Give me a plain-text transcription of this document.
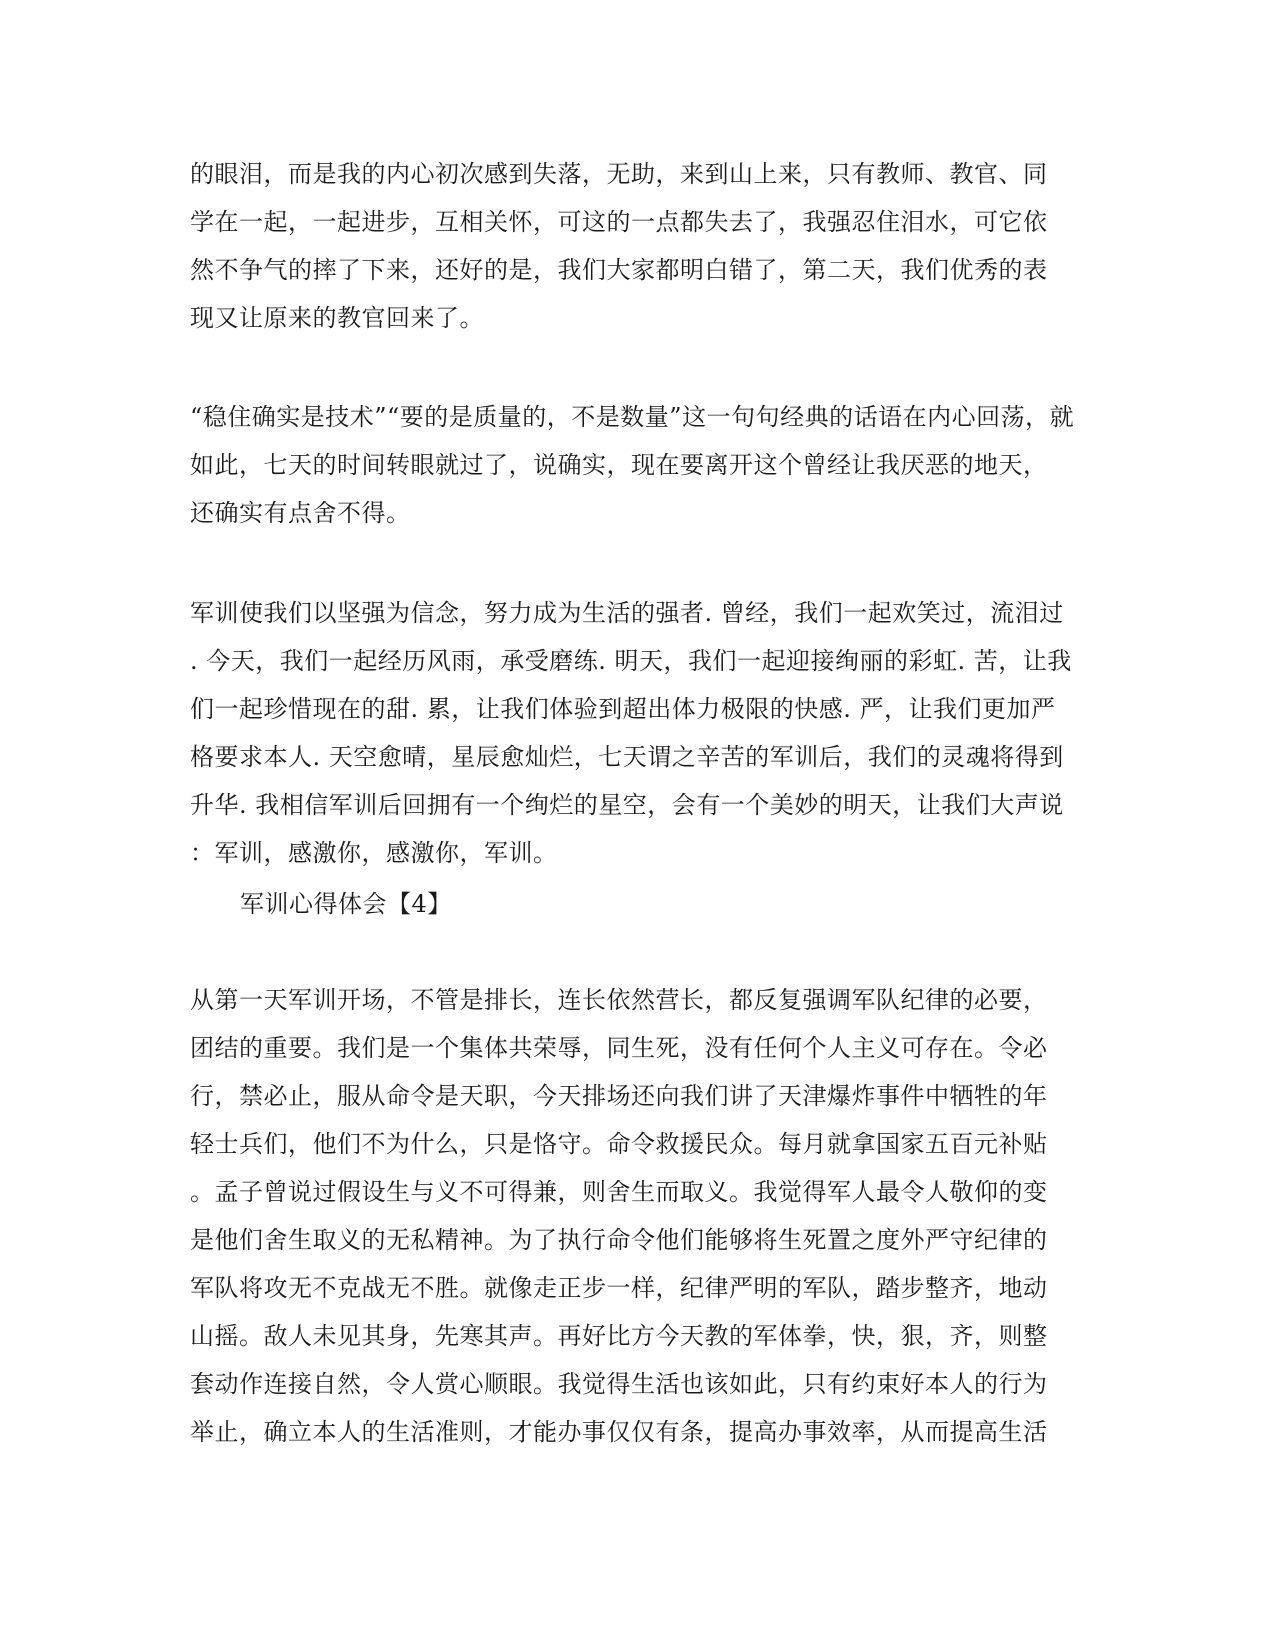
的眼泪，而是我的内心初次感到失落，无助，来到山上来，只有教师、教官、同
学在一起，一起进步，互相关怀，可这的一点都失去了，我强忍住泪水，可它依
然不争气的摔了下来，还好的是，我们大家都明白错了，第二天，我们优秀的表
现又让原来的教官回来了。
“稳住确实是技术”“要的是质量的，不是数量”这一句句经典的话语在内心回荡，就
如此，七天的时间转眼就过了，说确实，现在要离开这个曾经让我厌恶的地天，
还确实有点舍不得。
军训使我们以坚强为信念，努力成为生活的强者. 曾经，我们一起欢笑过，流泪过
. 今天，我们一起经历风雨，承受磨练. 明天，我们一起迎接绚丽的彩虹. 苦，让我
们一起珍惜现在的甜. 累，让我们体验到超出体力极限的快感. 严，让我们更加严
格要求本人. 天空愈晴，星辰愈灿烂，七天谓之辛苦的军训后，我们的灵魂将得到
升华. 我相信军训后回拥有一个绚烂的星空，会有一个美妙的明天，让我们大声说
：军训，感激你，感激你，军训。
军训心得体会【4】
从第一天军训开场，不管是排长，连长依然营长，都反复强调军队纪律的必要，
团结的重要。我们是一个集体共荣辱，同生死，没有任何个人主义可存在。令必
行，禁必止，服从命令是天职，今天排场还向我们讲了天津爆炸事件中牺牲的年
轻士兵们，他们不为什么，只是恪守。命令救援民众。每月就拿国家五百元补贴
。孟子曾说过假设生与义不可得兼，则舍生而取义。我觉得军人最令人敬仰的变
是他们舍生取义的无私精神。为了执行命令他们能够将生死置之度外严守纪律的
军队将攻无不克战无不胜。就像走正步一样，纪律严明的军队，踏步整齐，地动
山摇。敌人未见其身，先寒其声。再好比方今天教的军体拳，快，狠，齐，则整
套动作连接自然，令人赏心顺眼。我觉得生活也该如此，只有约束好本人的行为
举止，确立本人的生活准则，才能办事仅仅有条，提高办事效率，从而提高生活
